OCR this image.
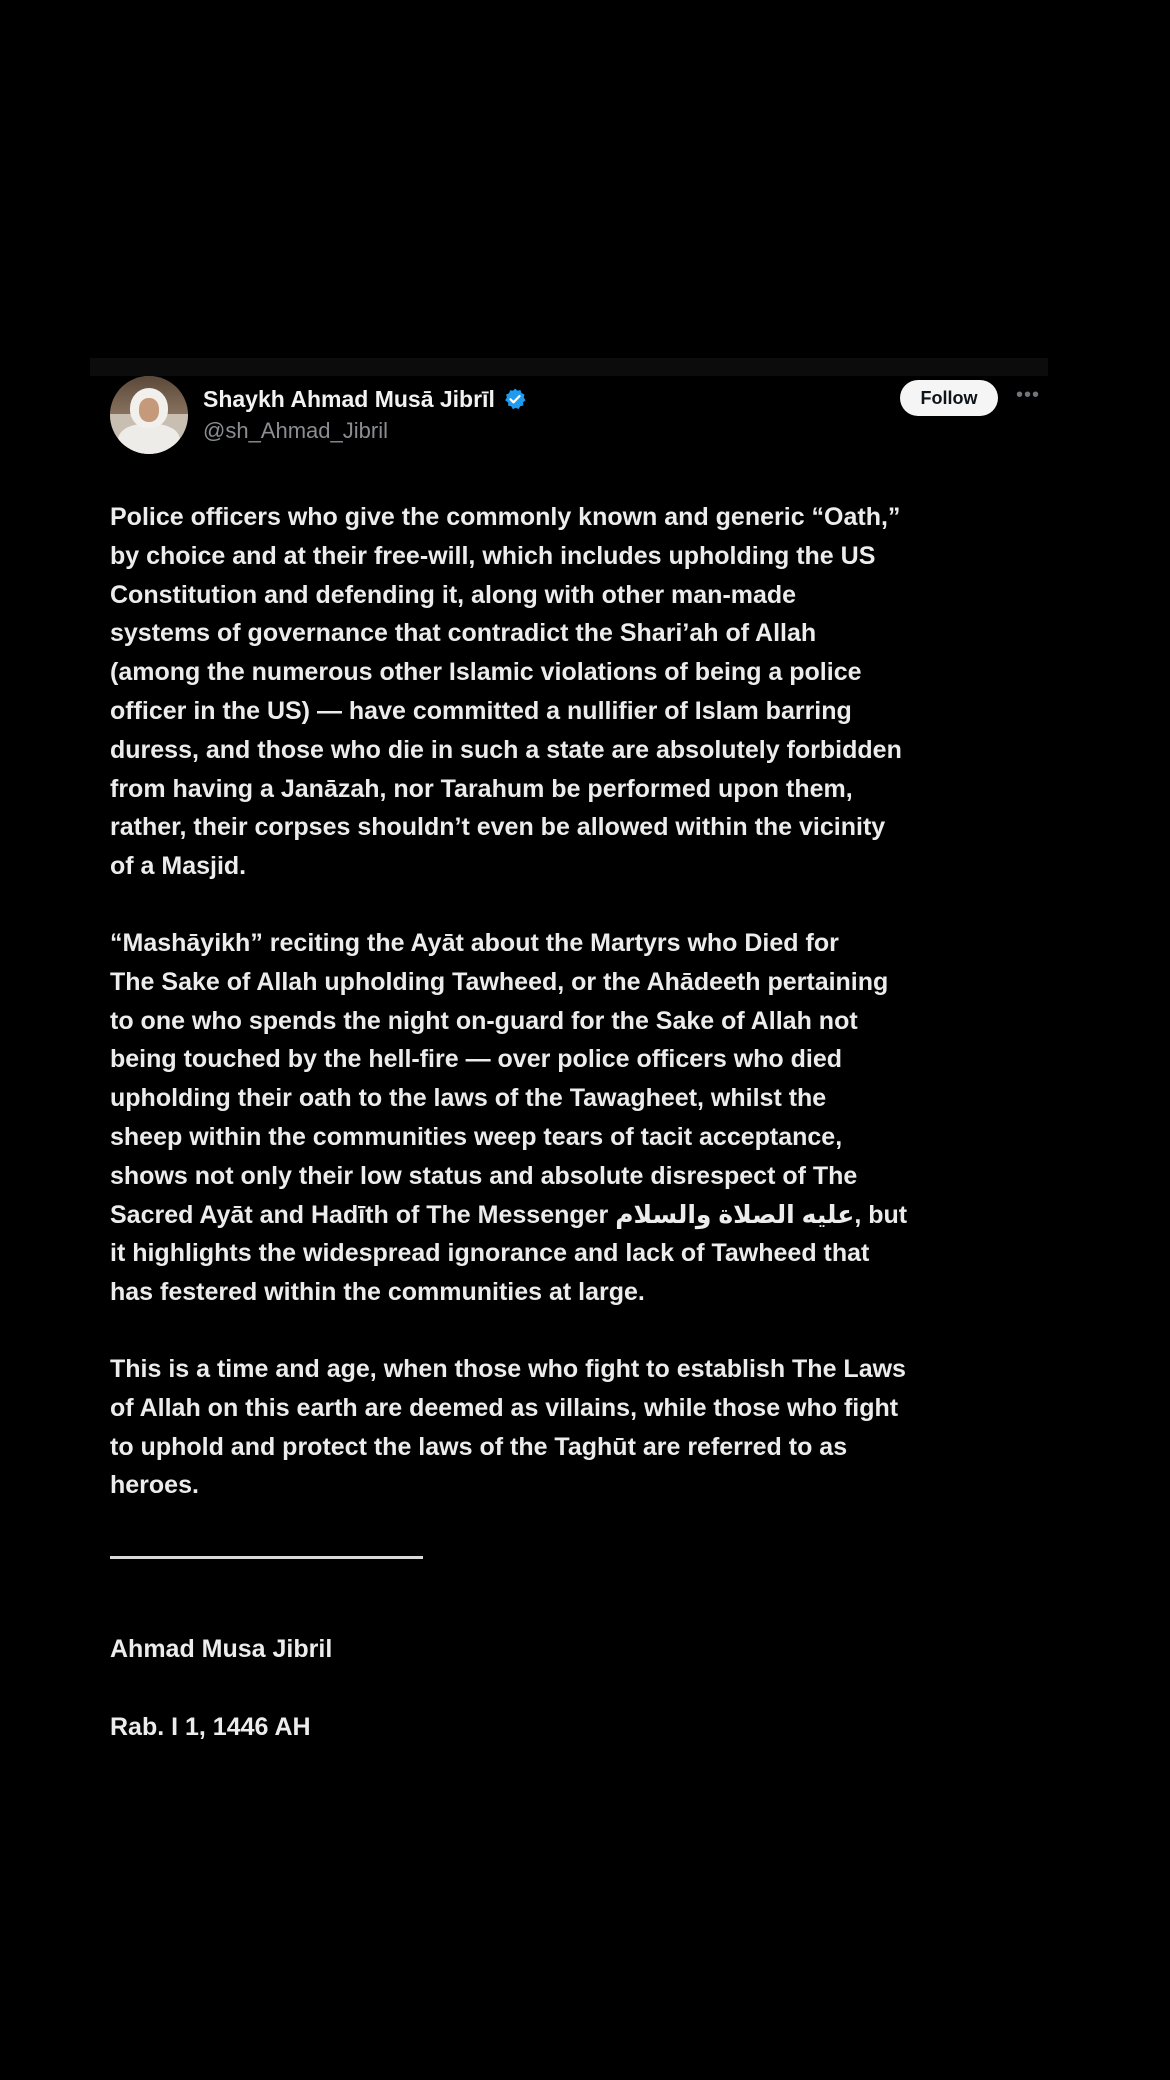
Shaykh Ahmad Musā Jibrīl
@sh_Ahmad_Jibril
Follow	•••

Police officers who give the commonly known and generic “Oath,”
by choice and at their free-will, which includes upholding the US
Constitution and defending it, along with other man-made
systems of governance that contradict the Shari’ah of Allah
(among the numerous other Islamic violations of being a police
officer in the US) — have committed a nullifier of Islam barring
duress, and those who die in such a state are absolutely forbidden
from having a Janāzah, nor Tarahum be performed upon them,
rather, their corpses shouldn’t even be allowed within the vicinity
of a Masjid.

“Mashāyikh” reciting the Ayāt about the Martyrs who Died for
The Sake of Allah upholding Tawheed, or the Ahādeeth pertaining
to one who spends the night on-guard for the Sake of Allah not
being touched by the hell-fire — over police officers who died
upholding their oath to the laws of the Tawagheet, whilst the
sheep within the communities weep tears of tacit acceptance,
shows not only their low status and absolute disrespect of The
Sacred Ayāt and Hadīth of The Messenger عليه الصلاة والسلام, but
it highlights the widespread ignorance and lack of Tawheed that
has festered within the communities at large.

This is a time and age, when those who fight to establish The Laws
of Allah on this earth are deemed as villains, while those who fight
to uphold and protect the laws of the Taghūt are referred to as
heroes.

Ahmad Musa Jibril

Rab. I 1, 1446 AH
